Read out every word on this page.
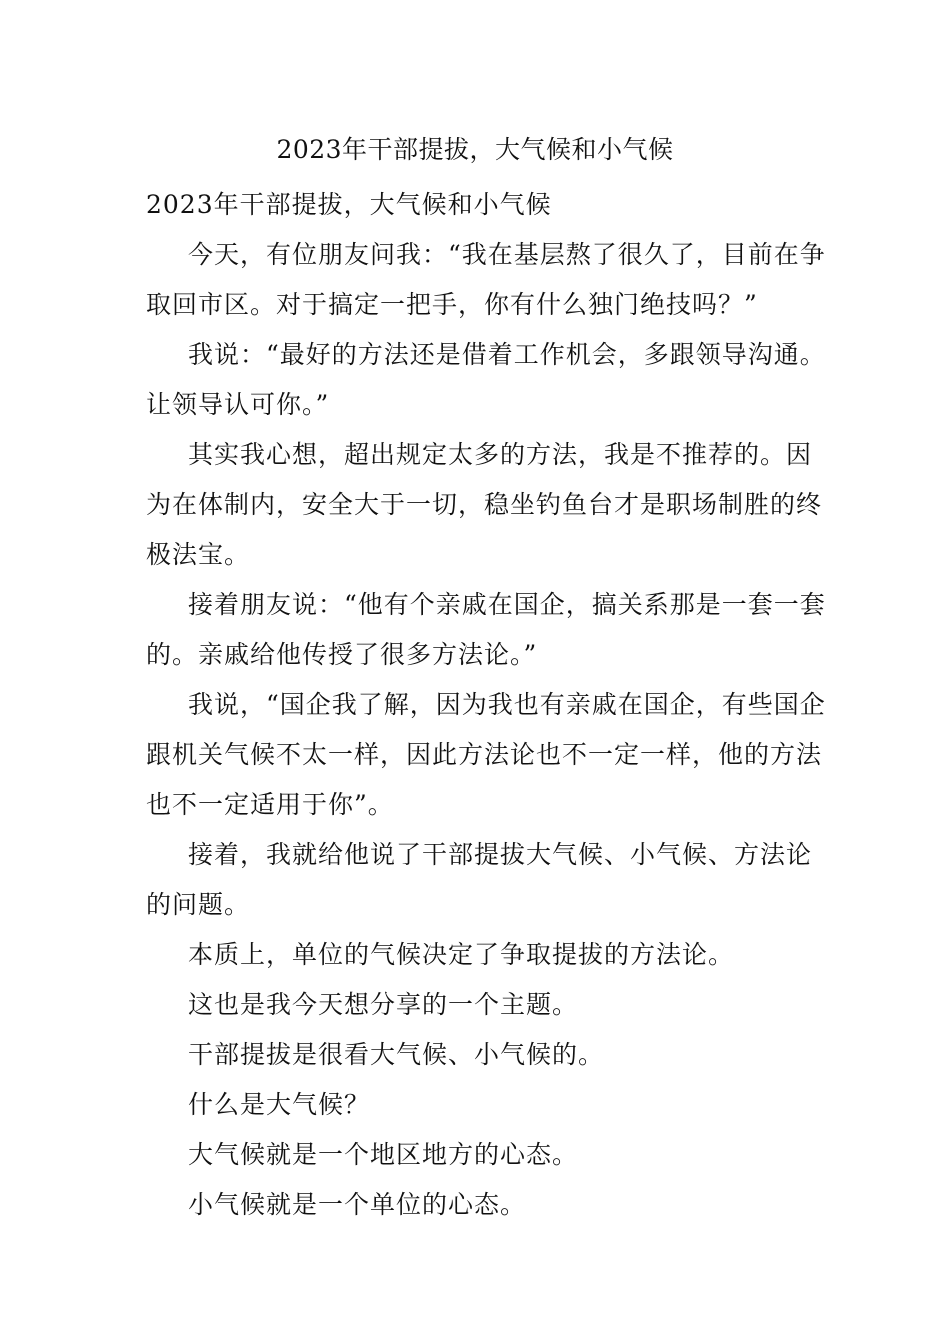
2023年干部提拔，大气候和小气候

2023年干部提拔，大气候和小气候

今天，有位朋友问我：“我在基层熬了很久了，目前在争取回市区。对于搞定一把手，你有什么独门绝技吗？”

我说：“最好的方法还是借着工作机会，多跟领导沟通。让领导认可你。”

其实我心想，超出规定太多的方法，我是不推荐的。因为在体制内，安全大于一切，稳坐钓鱼台才是职场制胜的终极法宝。

接着朋友说：“他有个亲戚在国企，搞关系那是一套一套的。亲戚给他传授了很多方法论。”

我说，“国企我了解，因为我也有亲戚在国企，有些国企跟机关气候不太一样，因此方法论也不一定一样，他的方法也不一定适用于你”。

接着，我就给他说了干部提拔大气候、小气候、方法论的问题。

本质上，单位的气候决定了争取提拔的方法论。

这也是我今天想分享的一个主题。

干部提拔是很看大气候、小气候的。

什么是大气候？

大气候就是一个地区地方的心态。

小气候就是一个单位的心态。
